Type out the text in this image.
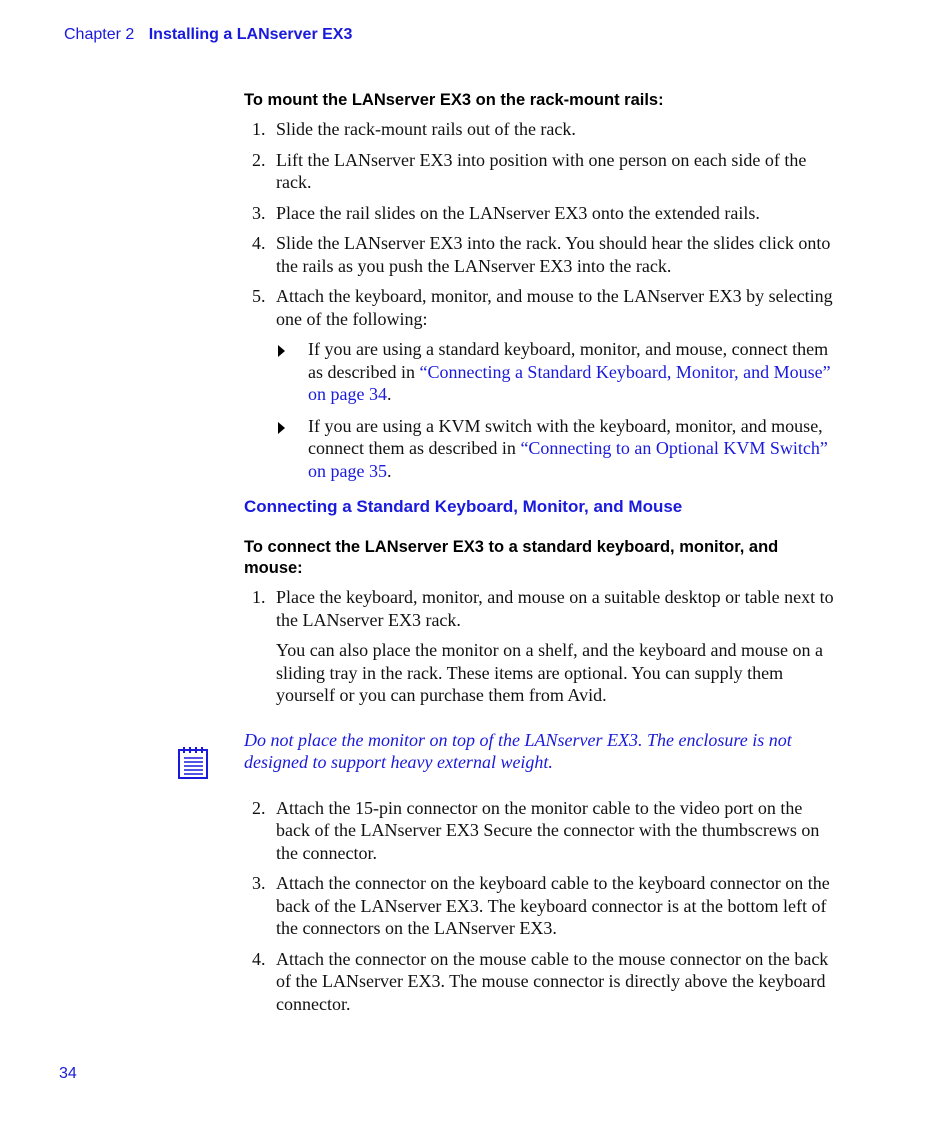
Chapter 2 Installing a LANserver EX3

To mount the LANserver EX3 on the rack-mount rails:

1. Slide the rack-mount rails out of the rack.

2. Lift the LANserver EX3 into position with one person on each side of the rack.

3. Place the rail slides on the LANserver EX3 onto the extended rails.

4. Slide the LANserver EX3 into the rack. You should hear the slides click onto the rails as you push the LANserver EX3 into the rack.

5. Attach the keyboard, monitor, and mouse to the LANserver EX3 by selecting one of the following:

If you are using a standard keyboard, monitor, and mouse, connect them as described in “Connecting a Standard Keyboard, Monitor, and Mouse” on page 34.
If you are using a KVM switch with the keyboard, monitor, and mouse, connect them as described in “Connecting to an Optional KVM Switch” on page 35.
Connecting a Standard Keyboard, Monitor, and Mouse

To connect the LANserver EX3 to a standard keyboard, monitor, and mouse:

1. Place the keyboard, monitor, and mouse on a suitable desktop or table next to the LANserver EX3 rack.

You can also place the monitor on a shelf, and the keyboard and mouse on a sliding tray in the rack. These items are optional. You can supply them yourself or you can purchase them from Avid.

Do not place the monitor on top of the LANserver EX3. The enclosure is not designed to support heavy external weight.

2. Attach the 15-pin connector on the monitor cable to the video port on the back of the LANserver EX3 Secure the connector with the thumbscrews on the connector.

3. Attach the connector on the keyboard cable to the keyboard connector on the back of the LANserver EX3. The keyboard connector is at the bottom left of the connectors on the LANserver EX3.

4. Attach the connector on the mouse cable to the mouse connector on the back of the LANserver EX3. The mouse connector is directly above the keyboard connector.

34
